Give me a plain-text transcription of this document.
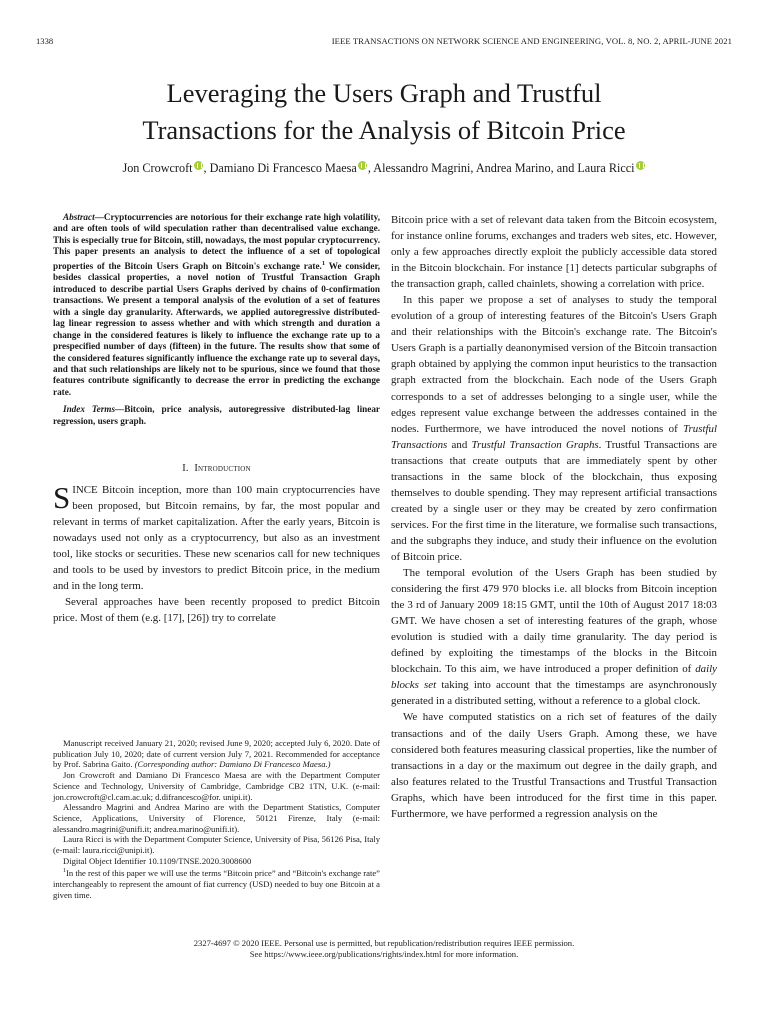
1338	IEEE TRANSACTIONS ON NETWORK SCIENCE AND ENGINEERING, VOL. 8, NO. 2, APRIL-JUNE 2021
Leveraging the Users Graph and Trustful
Transactions for the Analysis of Bitcoin Price
Jon Crowcroft , Damiano Di Francesco Maesa , Alessandro Magrini, Andrea Marino, and Laura Ricci

Abstract—Cryptocurrencies are notorious for their exchange rate high volatility, and are often tools of wild speculation rather than decentralised value exchange. This is especially true for Bitcoin, still, nowadays, the most popular cryptocurrency. This paper presents an analysis to detect the influence of a set of topological properties of the Bitcoin Users Graph on Bitcoin's exchange rate.$^1$ We consider, besides classical properties, a novel notion of Trustful Transaction Graph introduced to describe partial Users Graphs derived by chains of 0-confirmation transactions. We present a temporal analysis of the evolution of a set of features with a single day granularity. Afterwards, we applied autoregressive distributed-lag linear regression to assess whether and with which strength and duration a change in the considered features is likely to influence the exchange rate up to a prespecified number of days (fifteen) in the future. The results show that some of the considered features significantly influence the exchange rate up to several days, and that such relationships are likely not to be spurious, since we found that those features contribute significantly to decrease the error in predicting the exchange rate.

Index Terms—Bitcoin, price analysis, autoregressive distributed-lag linear regression, users graph.

I. Introduction

SINCE Bitcoin inception, more than 100 main cryptocurrencies have been proposed, but Bitcoin remains, by far, the most popular and relevant in terms of market capitalization. After the early years, Bitcoin is nowadays used not only as a cryptocurrency, but also as an investment tool, like stocks or securities. These new scenarios call for new techniques and tools to be used by investors to predict Bitcoin price, in the medium and in the long term.

Several approaches have been recently proposed to predict Bitcoin price. Most of them (e.g. [17], [26]) try to correlate

Manuscript received January 21, 2020; revised June 9, 2020; accepted July 6, 2020. Date of publication July 10, 2020; date of current version July 7, 2021. Recommended for acceptance by Prof. Sabrina Gaito. (Corresponding author: Damiano Di Francesco Maesa.)

Jon Crowcroft and Damiano Di Francesco Maesa are with the Department Computer Science and Technology, University of Cambridge, Cambridge CB2 1TN, U.K. (e-mail: jon.crowcroft@cl.cam.ac.uk; d.difrancesco@for. unipi.it).

Alessandro Magrini and Andrea Marino are with the Department Statistics, Computer Science, Applications, University of Florence, 50121 Firenze, Italy (e-mail: alessandro.magrini@unifi.it; andrea.marino@unifi.it).

Laura Ricci is with the Department Computer Science, University of Pisa, 56126 Pisa, Italy (e-mail: laura.ricci@unipi.it).

Digital Object Identifier 10.1109/TNSE.2020.3008600

$^1$In the rest of this paper we will use the terms “Bitcoin price” and “Bitcoin's exchange rate” interchangeably to represent the amount of fiat currency (USD) needed to buy one Bitcoin at a given time.

Bitcoin price with a set of relevant data taken from the Bitcoin ecosystem, for instance online forums, exchanges and traders web sites, etc. However, only a few approaches directly exploit the publicly accessible data stored in the Bitcoin blockchain. For instance [1] detects particular subgraphs of the transaction graph, called chainlets, showing a correlation with price.

In this paper we propose a set of analyses to study the temporal evolution of a group of interesting features of the Bitcoin's Users Graph and their relationships with the Bitcoin's exchange rate. The Bitcoin's Users Graph is a partially deanonymised version of the Bitcoin transaction graph obtained by applying the common input heuristics to the transaction graph extracted from the blockchain. Each node of the Users Graph corresponds to a set of addresses belonging to a single user, while the edges represent value exchange between the addresses contained in the nodes. Furthermore, we have introduced the novel notions of Trustful Transactions and Trustful Transaction Graphs. Trustful Transactions are transactions that create outputs that are immediately spent by other transactions in the same block of the blockchain, thus exposing themselves to double spending. They may represent artificial transactions created by a single user or they may be created by zero confirmation services. For the first time in the literature, we formalise such transactions, and the subgraphs they induce, and study their influence on the evolution of Bitcoin price.

The temporal evolution of the Users Graph has been studied by considering the first 479 970 blocks i.e. all blocks from Bitcoin inception the 3 rd of January 2009 18:15 GMT, until the 10th of August 2017 18:03 GMT. We have chosen a set of interesting features of the graph, whose evolution is studied with a daily time granularity. The day period is defined by exploiting the timestamps of the blocks in the Bitcoin blockchain. To this aim, we have introduced a proper definition of daily blocks set taking into account that the timestamps are asynchronously generated in a distributed setting, without a reference to a global clock.

We have computed statistics on a rich set of features of the daily transactions and of the daily Users Graph. Among these, we have considered both features measuring classical properties, like the number of transactions in a day or the maximum out degree in the daily graph, and also features related to the Trustful Transactions and Trustful Transaction Graphs, which have been introduced for the first time in this paper. Furthermore, we have performed a regression analysis on the

2327-4697 © 2020 IEEE. Personal use is permitted, but republication/redistribution requires IEEE permission.
See https://www.ieee.org/publications/rights/index.html for more information.
